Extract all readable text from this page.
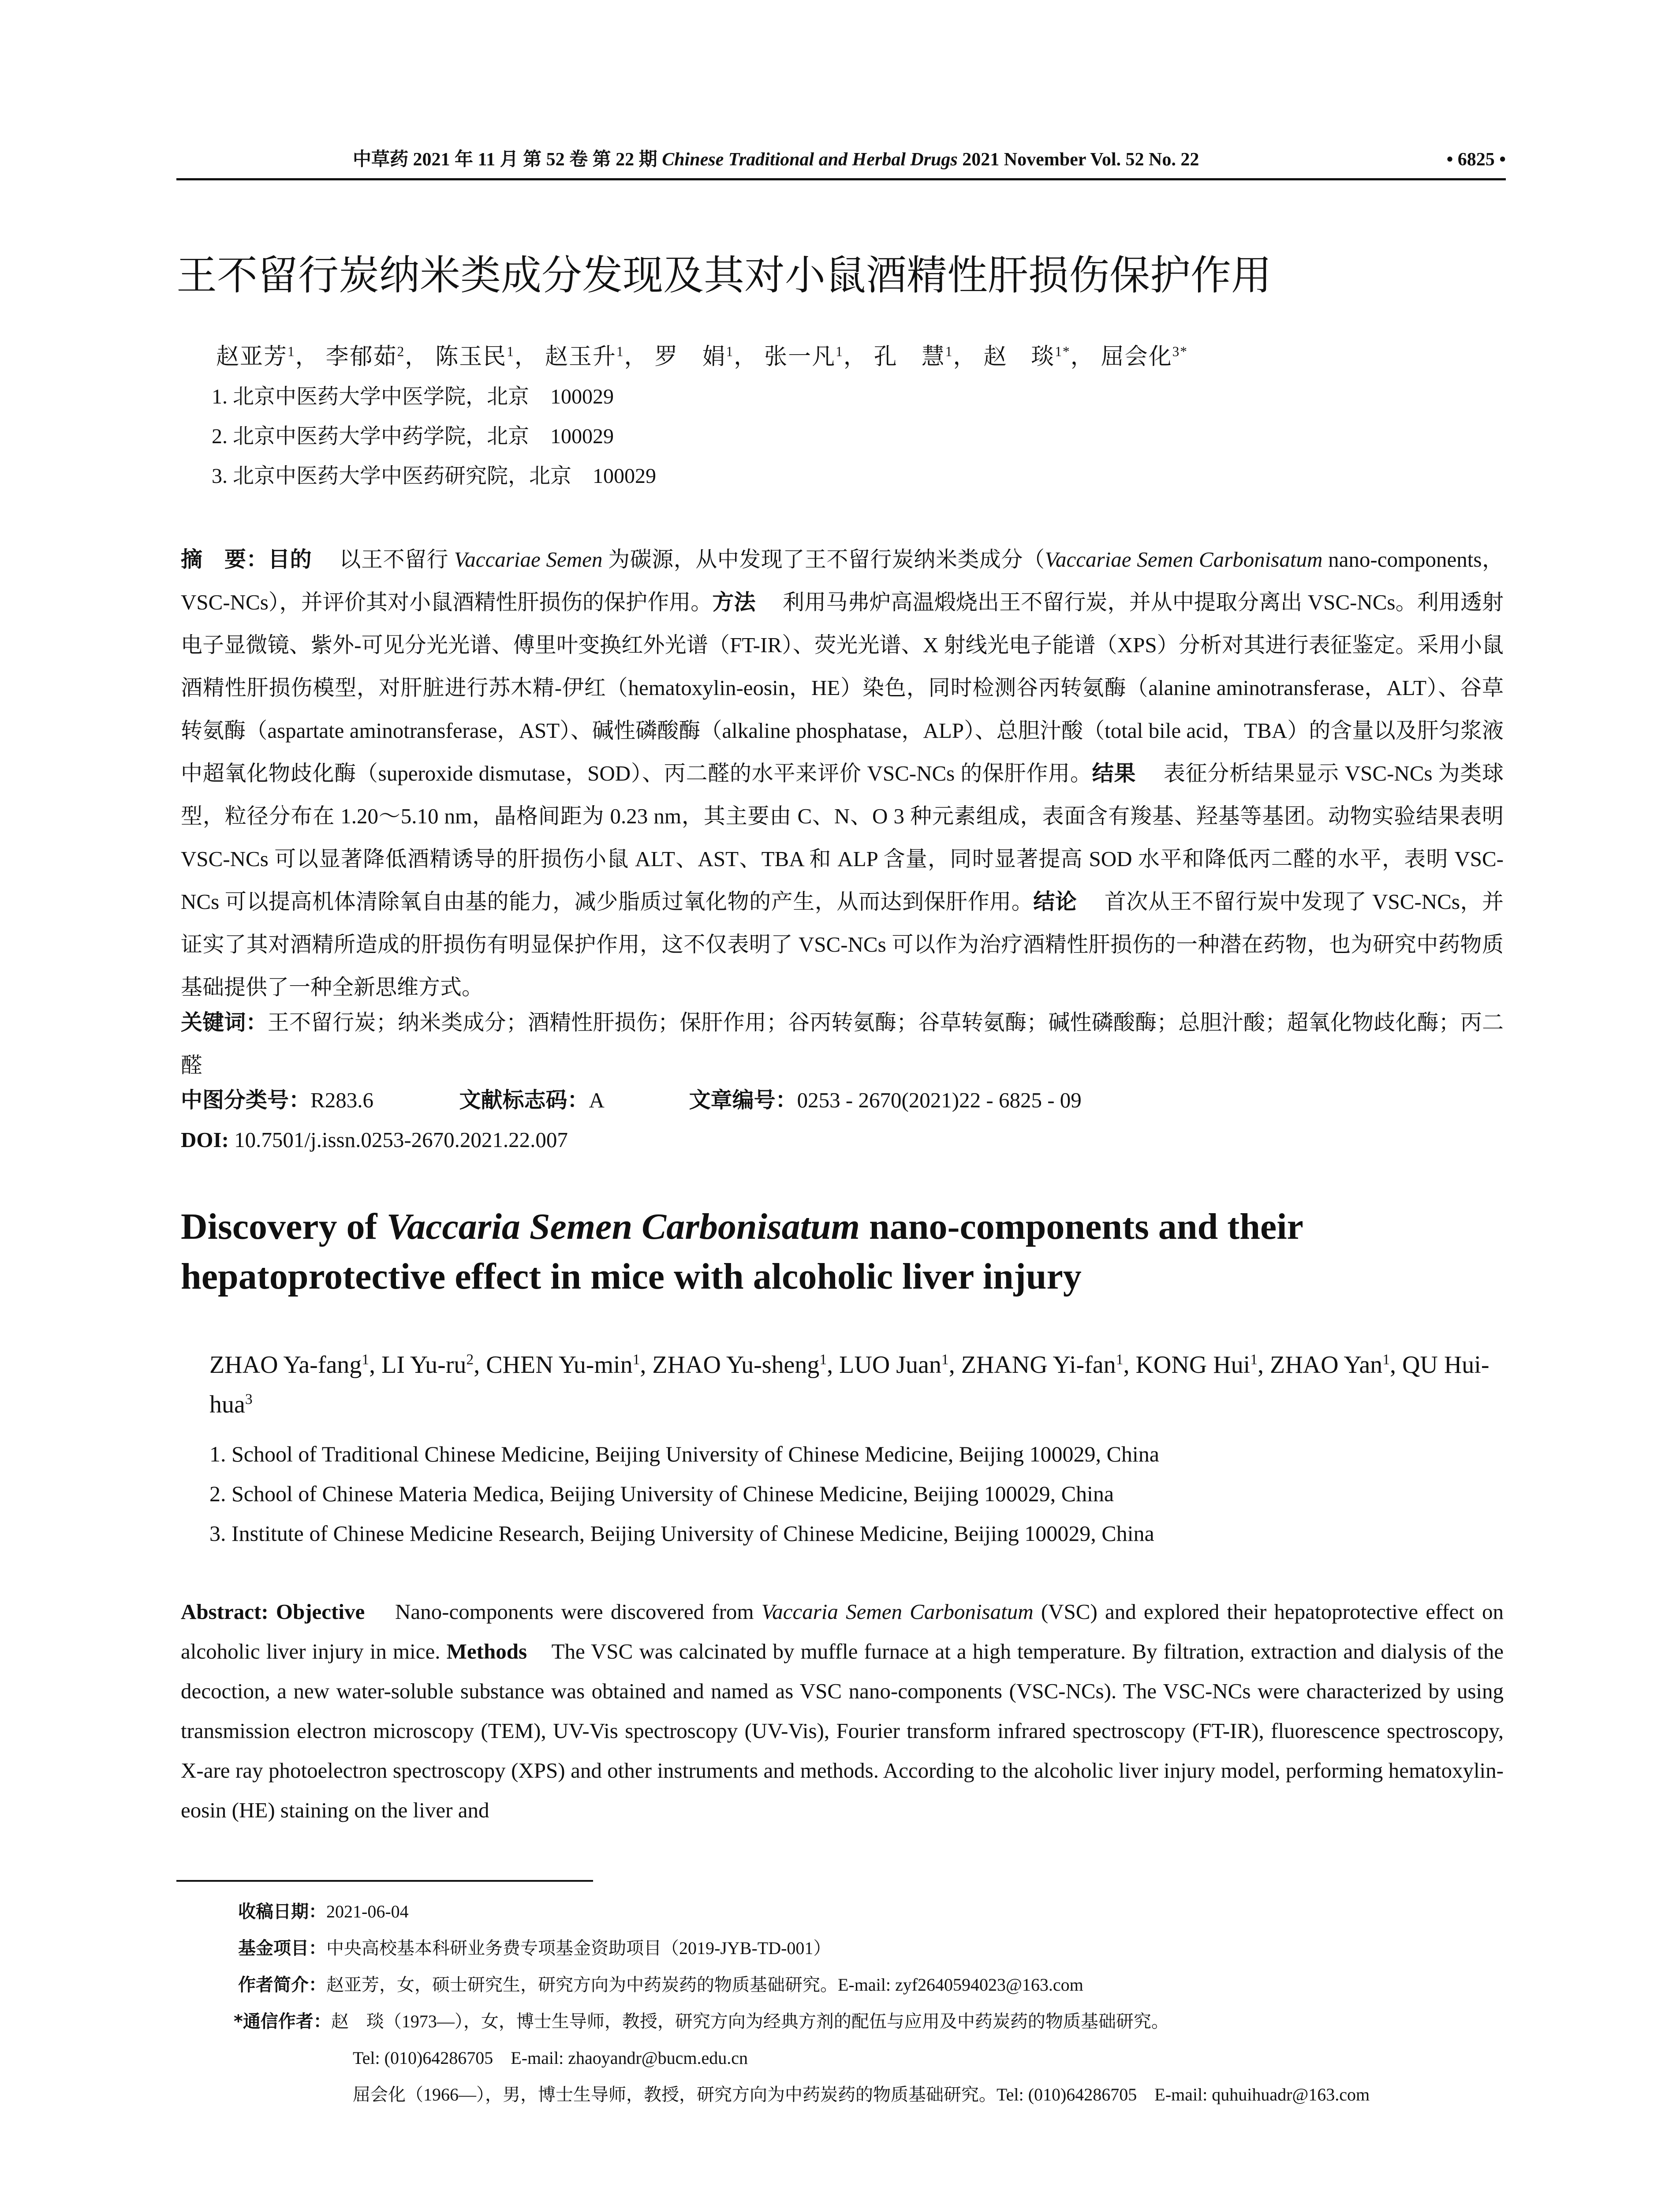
中草药 2021 年 11 月 第 52 卷 第 22 期 Chinese Traditional and Herbal Drugs 2021 November Vol. 52 No. 22	• 6825 •
王不留行炭纳米类成分发现及其对小鼠酒精性肝损伤保护作用
赵亚芳$^1$， 李郁茹$^2$， 陈玉民$^1$， 赵玉升$^1$， 罗　娟$^1$， 张一凡$^1$， 孔　慧$^1$， 赵　琰$^{1*}$， 屈会化$^{3*}$
1. 北京中医药大学中医学院，北京　100029
2. 北京中医药大学中药学院，北京　100029
3. 北京中医药大学中医药研究院，北京　100029
摘　要：目的　 以王不留行 Vaccariae Semen 为碳源，从中发现了王不留行炭纳米类成分（Vaccariae Semen Carbonisatum nano-components，VSC-NCs），并评价其对小鼠酒精性肝损伤的保护作用。方法　 利用马弗炉高温煅烧出王不留行炭，并从中提取分离出 VSC-NCs。利用透射电子显微镜、紫外-可见分光光谱、傅里叶变换红外光谱（FT-IR）、荧光光谱、X 射线光电子能谱（XPS）分析对其进行表征鉴定。采用小鼠酒精性肝损伤模型，对肝脏进行苏木精-伊红（hematoxylin-eosin，HE）染色，同时检测谷丙转氨酶（alanine aminotransferase，ALT）、谷草转氨酶（aspartate aminotransferase，AST）、碱性磷酸酶（alkaline phosphatase，ALP）、总胆汁酸（total bile acid，TBA）的含量以及肝匀浆液中超氧化物歧化酶（superoxide dismutase，SOD）、丙二醛的水平来评价 VSC-NCs 的保肝作用。结果　 表征分析结果显示 VSC-NCs 为类球型，粒径分布在 1.20～5.10 nm，晶格间距为 0.23 nm，其主要由 C、N、O 3 种元素组成，表面含有羧基、羟基等基团。动物实验结果表明 VSC-NCs 可以显著降低酒精诱导的肝损伤小鼠 ALT、AST、TBA 和 ALP 含量，同时显著提高 SOD 水平和降低丙二醛的水平，表明 VSC-NCs 可以提高机体清除氧自由基的能力，减少脂质过氧化物的产生，从而达到保肝作用。结论　 首次从王不留行炭中发现了 VSC-NCs，并证实了其对酒精所造成的肝损伤有明显保护作用，这不仅表明了 VSC-NCs 可以作为治疗酒精性肝损伤的一种潜在药物，也为研究中药物质基础提供了一种全新思维方式。
关键词：王不留行炭；纳米类成分；酒精性肝损伤；保肝作用；谷丙转氨酶；谷草转氨酶；碱性磷酸酶；总胆汁酸；超氧化物歧化酶；丙二醛
中图分类号：R283.6	文献标志码：A	文章编号：0253 - 2670(2021)22 - 6825 - 09
DOI: 10.7501/j.issn.0253-2670.2021.22.007
Discovery of Vaccaria Semen Carbonisatum nano-components and their hepatoprotective effect in mice with alcoholic liver injury
ZHAO Ya-fang$^1$, LI $Yu-ru^2$, CHEN $Yu-\min^1$, ZHAO Yu-sheng$^1$, LUO Juan$^1$, ZHANG Yi-fan$^1$, KONG Hui$^1$, ZHAO Yan$^1$, QU Hui-hua$^3$
1. School of Traditional Chinese Medicine, Beijing University of Chinese Medicine, Beijing 100029, China
2. School of Chinese Materia Medica, Beijing University of Chinese Medicine, Beijing 100029, China
3. Institute of Chinese Medicine Research, Beijing University of Chinese Medicine, Beijing 100029, China
Abstract: Objective Nano-components were discovered from Vaccaria Semen Carbonisatum (VSC) and explored their hepatoprotective effect on alcoholic liver injury in mice. Methods The VSC was calcinated by muffle furnace at a high temperature. By filtration, extraction and dialysis of the decoction, a new water-soluble substance was obtained and named as VSC nano-components (VSC-NCs). The VSC-NCs were characterized by using transmission electron microscopy (TEM), UV-Vis spectroscopy (UV-Vis), Fourier transform infrared spectroscopy (FT-IR), fluorescence spectroscopy, X-are ray photoelectron spectroscopy (XPS) and other instruments and methods. According to the alcoholic liver injury model, performing hematoxylin-eosin (HE) staining on the liver and
收稿日期：2021-06-04
基金项目：中央高校基本科研业务费专项基金资助项目（2019-JYB-TD-001）
作者简介：赵亚芳，女，硕士研究生，研究方向为中药炭药的物质基础研究。E-mail: zyf2640594023@163.com
*通信作者：赵　琰（1973—），女，博士生导师，教授，研究方向为经典方剂的配伍与应用及中药炭药的物质基础研究。
Tel: (010)64286705　E-mail: zhaoyandr@bucm.edu.cn
屈会化（1966—），男，博士生导师，教授，研究方向为中药炭药的物质基础研究。Tel: (010)64286705　E-mail: quhuihuadr@163.com
